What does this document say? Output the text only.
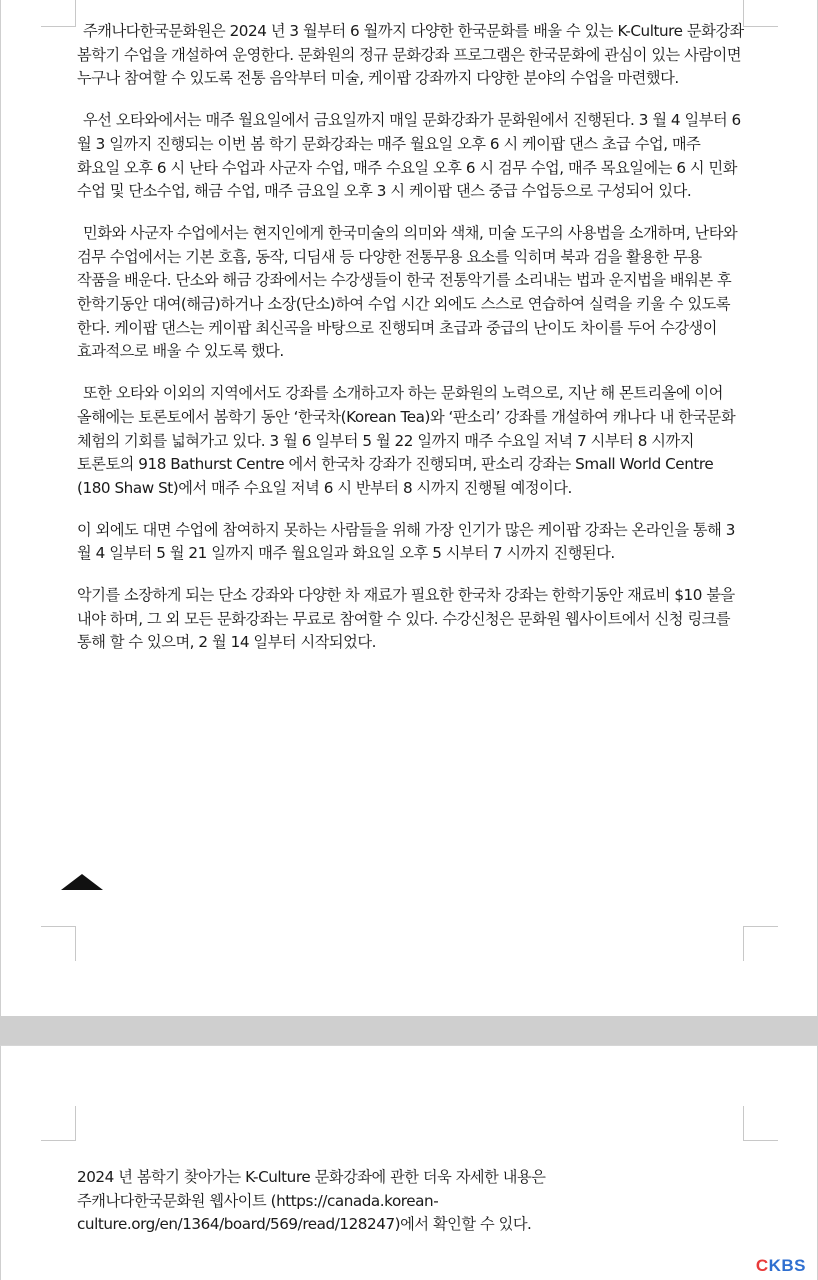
주캐나다한국문화원은 2024 년 3 월부터 6 월까지 다양한 한국문화를 배울 수 있는 K-Culture 문화강좌 봄학기 수업을 개설하여 운영한다. 문화원의 정규 문화강좌 프로그램은 한국문화에 관심이 있는 사람이면 누구나 참여할 수 있도록 전통 음악부터 미술, 케이팝 강좌까지 다양한 분야의 수업을 마련했다.

우선 오타와에서는 매주 월요일에서 금요일까지 매일 문화강좌가 문화원에서 진행된다. 3 월 4 일부터 6 월 3 일까지 진행되는 이번 봄 학기 문화강좌는 매주 월요일 오후 6 시 케이팝 댄스 초급 수업, 매주 화요일 오후 6 시 난타 수업과 사군자 수업, 매주 수요일 오후 6 시 검무 수업, 매주 목요일에는 6 시 민화 수업 및 단소수업, 해금 수업, 매주 금요일 오후 3 시 케이팝 댄스 중급 수업등으로 구성되어 있다.

민화와 사군자 수업에서는 현지인에게 한국미술의 의미와 색채, 미술 도구의 사용법을 소개하며, 난타와 검무 수업에서는 기본 호흡, 동작, 디딤새 등 다양한 전통무용 요소를 익히며 북과 검을 활용한 무용 작품을 배운다. 단소와 해금 강좌에서는 수강생들이 한국 전통악기를 소리내는 법과 운지법을 배워본 후 한학기동안 대여(해금)하거나 소장(단소)하여 수업 시간 외에도 스스로 연습하여 실력을 키울 수 있도록 한다. 케이팝 댄스는 케이팝 최신곡을 바탕으로 진행되며 초급과 중급의 난이도 차이를 두어 수강생이 효과적으로 배울 수 있도록 했다.

또한 오타와 이외의 지역에서도 강좌를 소개하고자 하는 문화원의 노력으로, 지난 해 몬트리올에 이어 올해에는 토론토에서 봄학기 동안 ‘한국차(Korean Tea)와 ‘판소리’ 강좌를 개설하여 캐나다 내 한국문화 체험의 기회를 넓혀가고 있다. 3 월 6 일부터 5 월 22 일까지 매주 수요일 저녁 7 시부터 8 시까지 토론토의 918 Bathurst Centre 에서 한국차 강좌가 진행되며, 판소리 강좌는 Small World Centre (180 Shaw St)에서 매주 수요일 저녁 6 시 반부터 8 시까지 진행될 예정이다.

이 외에도 대면 수업에 참여하지 못하는 사람들을 위해 가장 인기가 많은 케이팝 강좌는 온라인을 통해 3 월 4 일부터 5 월 21 일까지 매주 월요일과 화요일 오후 5 시부터 7 시까지 진행된다.

악기를 소장하게 되는 단소 강좌와 다양한 차 재료가 필요한 한국차 강좌는 한학기동안 재료비 $10 불을 내야 하며, 그 외 모든 문화강좌는 무료로 참여할 수 있다. 수강신청은 문화원 웹사이트에서 신청 링크를 통해 할 수 있으며, 2 월 14 일부터 시작되었다.

2024 년 봄학기 찾아가는 K-Culture 문화강좌에 관한 더욱 자세한 내용은 주캐나다한국문화원 웹사이트 (https://canada.korean-culture.org/en/1364/board/569/read/128247)에서 확인할 수 있다.

CKBS
